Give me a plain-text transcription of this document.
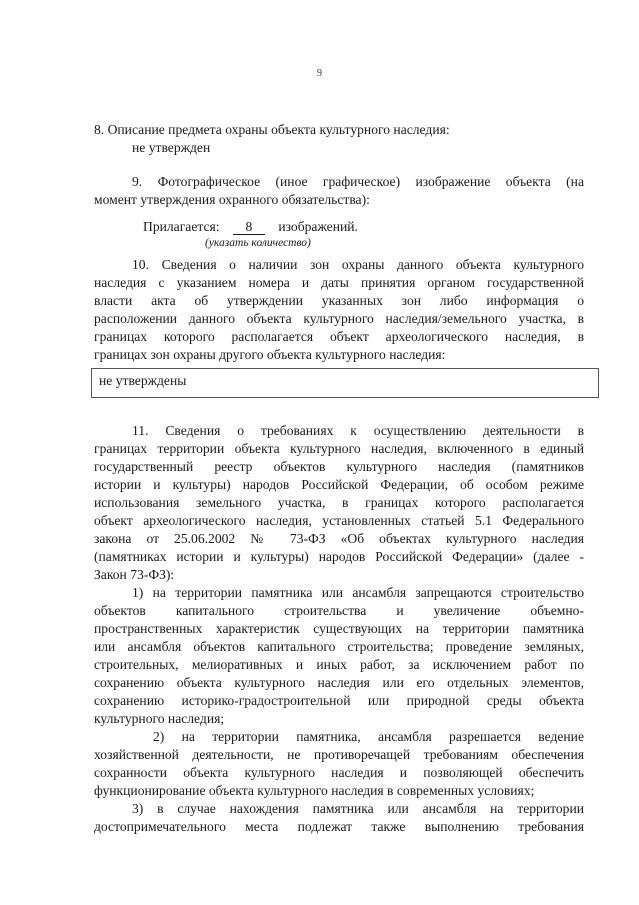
9
8. Описание предмета охраны объекта культурного наследия:
не утвержден
9. Фотографическое (иное графическое) изображение объекта (на
момент утверждения охранного обязательства):
Прилагается: 8 изображений.
(указать количество)
10. Сведения о наличии зон охраны данного объекта культурного
наследия с указанием номера и даты принятия органом государственной
власти акта об утверждении указанных зон либо информация о
расположении данного объекта культурного наследия/земельного участка, в
границах которого располагается объект археологического наследия, в
границах зон охраны другого объекта культурного наследия:
не утверждены
11. Сведения о требованиях к осуществлению деятельности в
границах территории объекта культурного наследия, включенного в единый
государственный реестр объектов культурного наследия (памятников
истории и культуры) народов Российской Федерации, об особом режиме
использования земельного участка, в границах которого располагается
объект археологического наследия, установленных статьей 5.1 Федерального
закона от 25.06.2002 № 73-ФЗ «Об объектах культурного наследия
(памятниках истории и культуры) народов Российской Федерации» (далее -
Закон 73-ФЗ):
1) на территории памятника или ансамбля запрещаются строительство
объектов капитального строительства и увеличение объемно-
пространственных характеристик существующих на территории памятника
или ансамбля объектов капитального строительства; проведение земляных,
строительных, мелиоративных и иных работ, за исключением работ по
сохранению объекта культурного наследия или его отдельных элементов,
сохранению историко-градостроительной или природной среды объекта
культурного наследия;
2) на территории памятника, ансамбля разрешается ведение
хозяйственной деятельности, не противоречащей требованиям обеспечения
сохранности объекта культурного наследия и позволяющей обеспечить
функционирование объекта культурного наследия в современных условиях;
3) в случае нахождения памятника или ансамбля на территории
достопримечательного места подлежат также выполнению требования
